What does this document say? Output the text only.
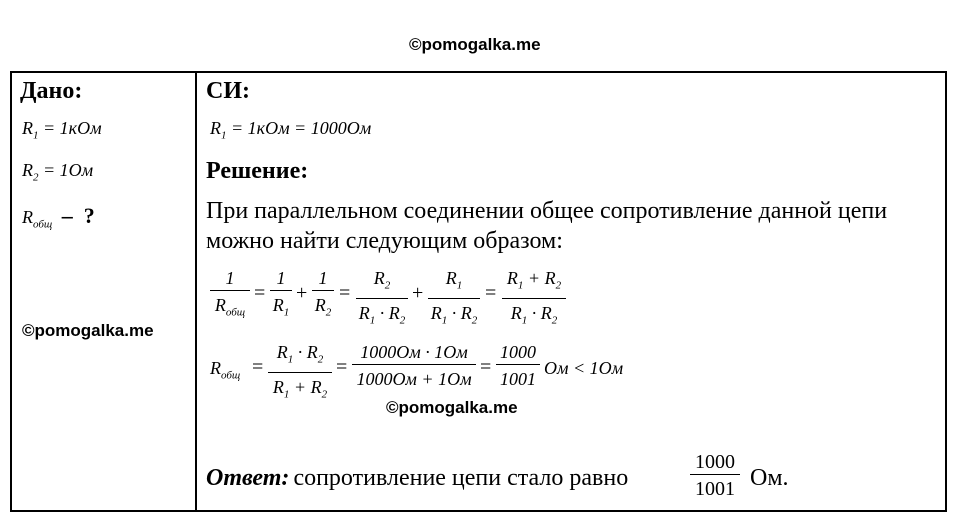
©pomogalka.me
Дано:
$R_1 = 1кОм$
$R_2 = 1Ом$
$R_{общ}$  –  ?
©pomogalka.me
СИ:
$R_1 = 1кОм = 1000Ом$
Решение:
При параллельном соединении общее сопротивление данной цепи можно найти следующим образом:
1
$R_{общ}$
=
1
$R_1$
+
1
$R_2$
=
$R_2$
$R_1 \cdot R_2$
+
$R_1$
$R_1 \cdot R_2$
=
$R_1 + R_2$
$R_1 \cdot R_2$
$R_{общ}$ =
$R_1 \cdot R_2$
$R_1 + R_2$
=
1000Ом · 1Ом
1000Ом + 1Ом
=
1000
1001
Ом < 1Ом
©pomogalka.me
Ответ: сопротивление цепи стало равно
1000
1001 Ом.
